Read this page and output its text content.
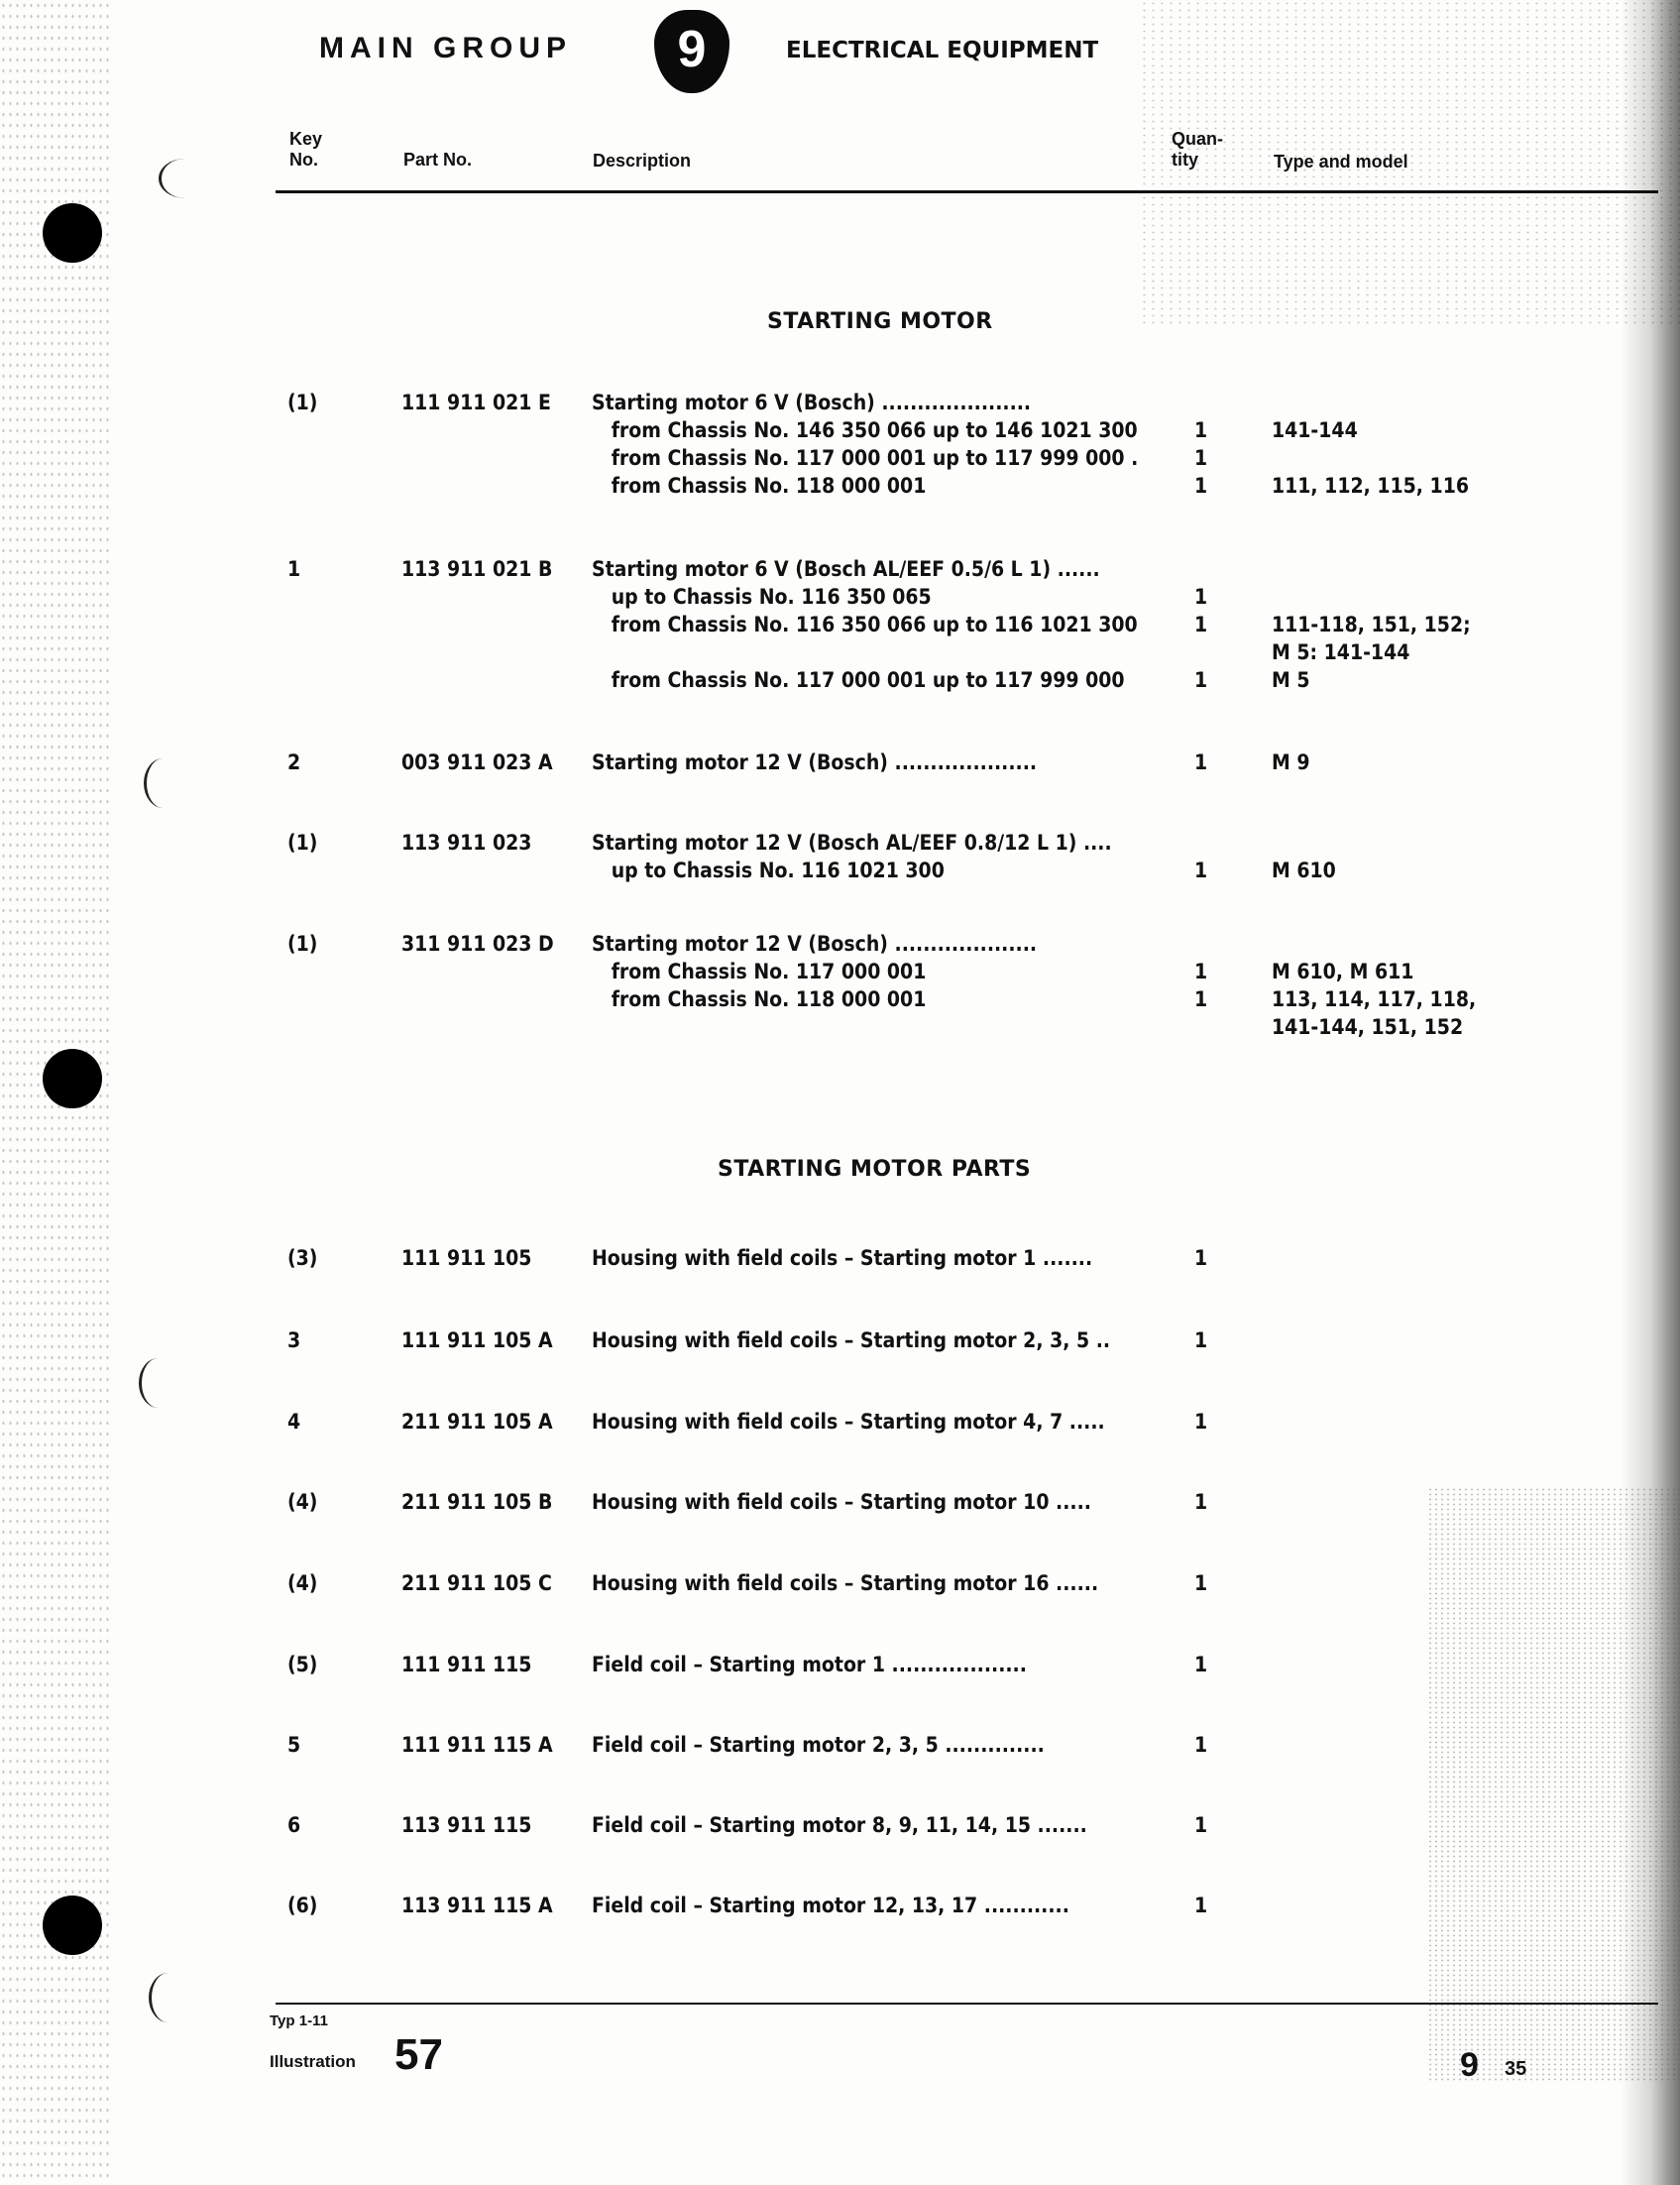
MAIN GROUP	9	ELECTRICAL EQUIPMENT
Key
No.	Part No.	Description
Quan-
tity	Type and model
STARTING MOTOR
STARTING MOTOR PARTS
(1)	111 911 021 E Starting motor 6 V (Bosch) .....................
from Chassis No. 146 350 066 up to 146 1021 300	1	141-144
from Chassis No. 117 000 001 up to 117 999 000 .	1
from Chassis No. 118 000 001	1	111, 112, 115, 116
1	113 911 021 B Starting motor 6 V (Bosch AL/EEF 0.5/6 L 1) ......
up to Chassis No. 116 350 065	1
from Chassis No. 116 350 066 up to 116 1021 300	1	111-118, 151, 152;
M 5: 141-144
from Chassis No. 117 000 001 up to 117 999 000	1	M 5
2	003 911 023 A Starting motor 12 V (Bosch) ....................	1	M 9
(1)	113 911 023	Starting motor 12 V (Bosch AL/EEF 0.8/12 L 1) ....
up to Chassis No. 116 1021 300	1	M 610
(1)	311 911 023 D Starting motor 12 V (Bosch) ....................
from Chassis No. 117 000 001	1	M 610, M 611
from Chassis No. 118 000 001	1	113, 114, 117, 118,
141-144, 151, 152
(3)	111 911 105	Housing with field coils – Starting motor 1 .......	1
3	111 911 105 A Housing with field coils – Starting motor 2, 3, 5 ..	1
4	211 911 105 A Housing with field coils – Starting motor 4, 7 .....	1
(4)	211 911 105 B Housing with field coils – Starting motor 10 .....	1
(4)	211 911 105 C Housing with field coils – Starting motor 16 ......	1
(5)	111 911 115	Field coil – Starting motor 1 ...................	1
5	111 911 115 A Field coil – Starting motor 2, 3, 5 ..............	1
6	113 911 115	Field coil – Starting motor 8, 9, 11, 14, 15 .......	1
(6)	113 911 115 A Field coil – Starting motor 12, 13, 17 ............	1
Typ 1-11
Illustration 57	9 35
